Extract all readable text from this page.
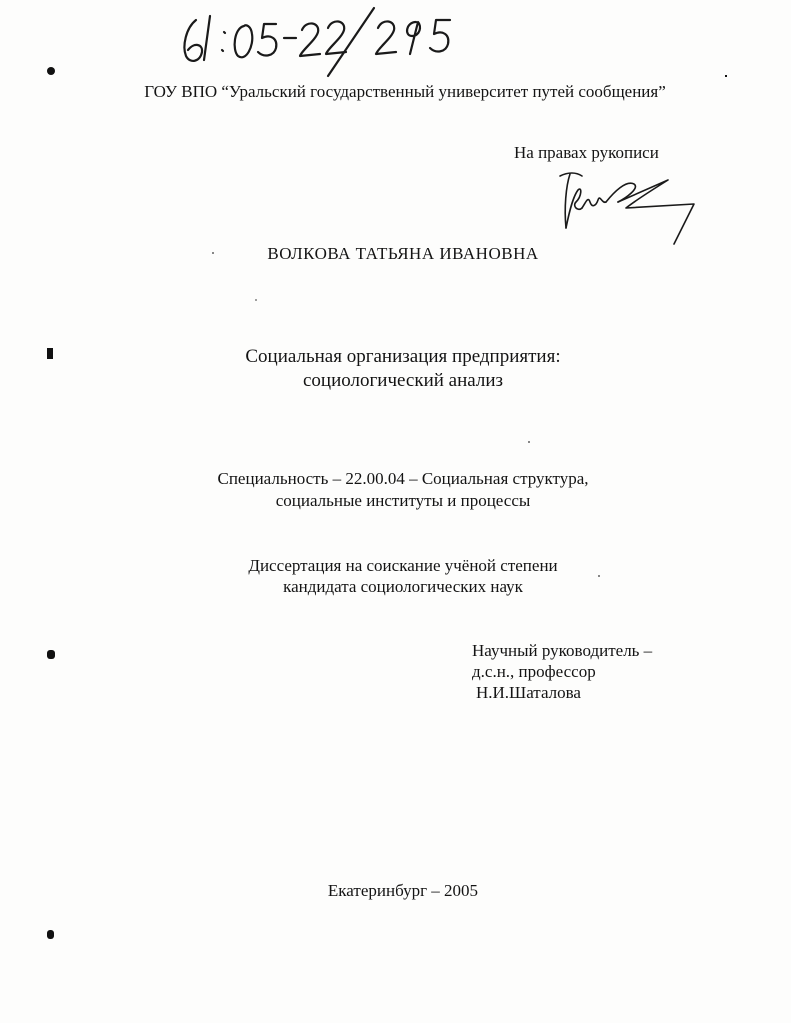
ГОУ ВПО “Уральский государственный университет путей сообщения”
На правах рукописи
ВОЛКОВА ТАТЬЯНА ИВАНОВНА
Социальная организация предприятия:
социологический анализ
Специальность – 22.00.04 – Социальная структура,
социальные институты и процессы
Диссертация на соискание учёной степени
кандидата социологических наук
Научный руководитель –
д.с.н., профессор
Н.И.Шаталова
Екатеринбург – 2005
